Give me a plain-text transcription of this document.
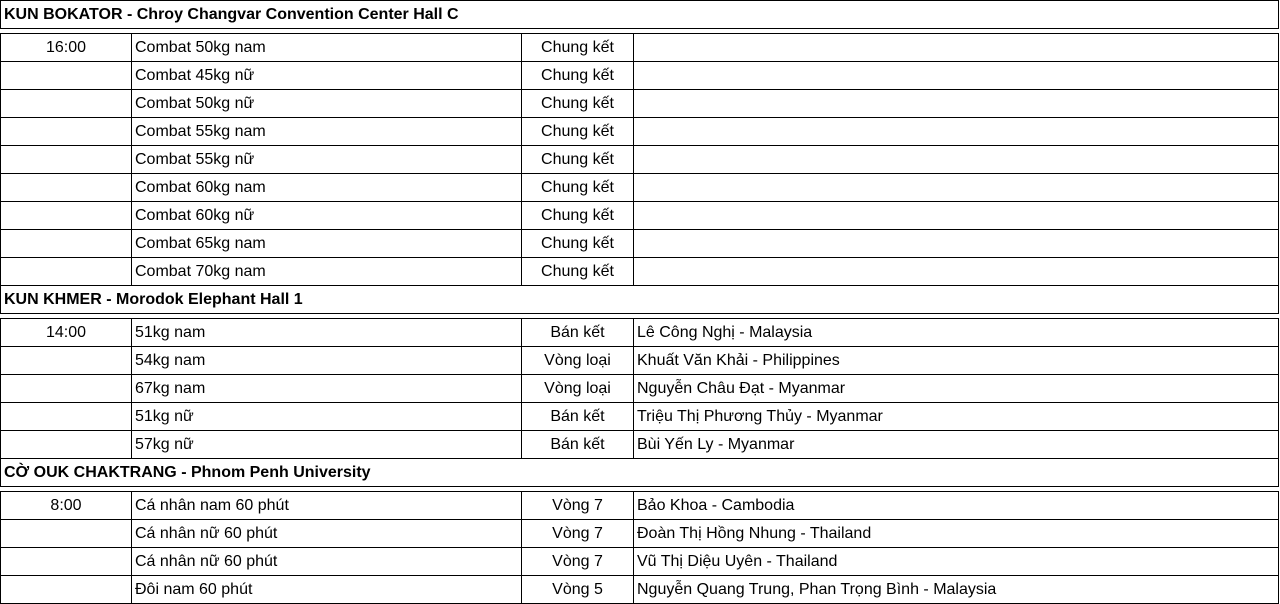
KUN BOKATOR - Chroy Changvar Convention Center Hall C			

16:00	Combat 50kg nam	Chung kết	
	Combat 45kg nữ	Chung kết	
	Combat 50kg nữ	Chung kết	
	Combat 55kg nam	Chung kết	
	Combat 55kg nữ	Chung kết	
	Combat 60kg nam	Chung kết	
	Combat 60kg nữ	Chung kết	
	Combat 65kg nam	Chung kết	
	Combat 70kg nam	Chung kết	
KUN KHMER - Morodok Elephant Hall 1			

14:00	51kg nam	Bán kết	Lê Công Nghị - Malaysia
	54kg nam	Vòng loại	Khuất Văn Khải - Philippines
	67kg nam	Vòng loại	Nguyễn Châu Đạt - Myanmar
	51kg nữ	Bán kết	Triệu Thị Phương Thủy - Myanmar
	57kg nữ	Bán kết	Bùi Yến Ly - Myanmar
CỜ OUK CHAKTRANG - Phnom Penh University			

8:00	Cá nhân nam 60 phút	Vòng 7	Bảo Khoa - Cambodia
	Cá nhân nữ 60 phút	Vòng 7	Đoàn Thị Hồng Nhung - Thailand
	Cá nhân nữ 60 phút	Vòng 7	Vũ Thị Diệu Uyên - Thailand
	Đôi nam 60 phút	Vòng 5	Nguyễn Quang Trung, Phan Trọng Bình - Malaysia
